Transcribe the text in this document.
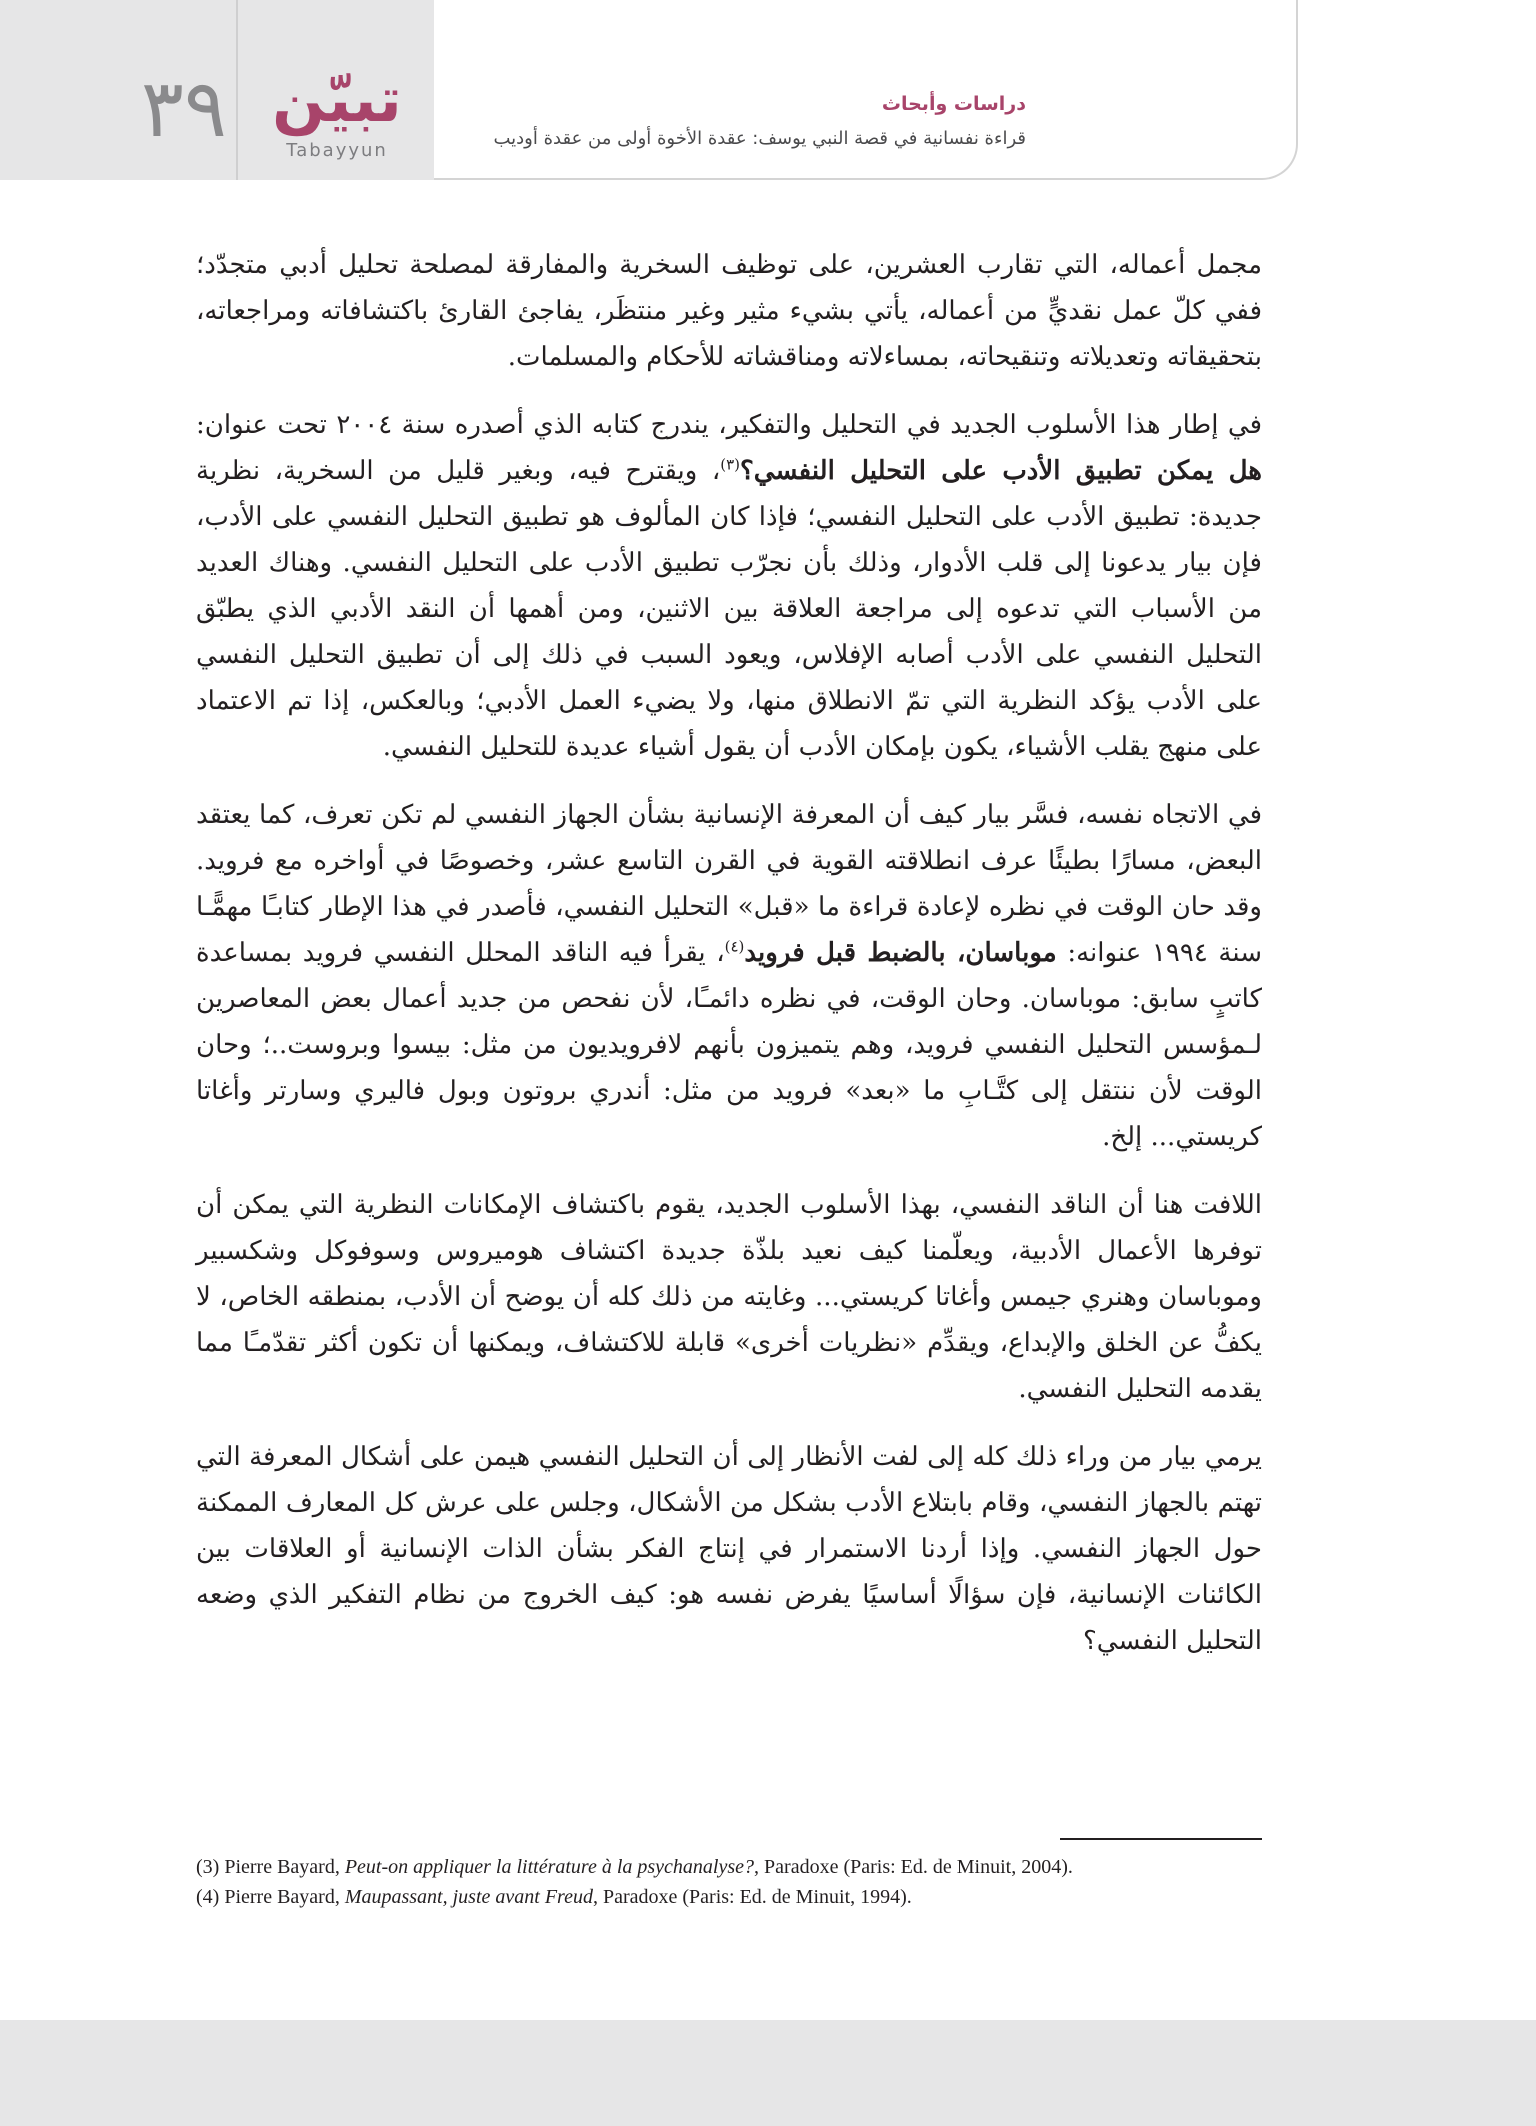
٣٩ تبيّن
Tabayyun
دراسات وأبحاث
قراءة نفسانية في قصة النبي يوسف: عقدة الأخوة أولى من عقدة أوديب

مجمل أعماله، التي تقارب العشرين، على توظيف السخرية والمفارقة لمصلحة تحليل أدبي متجدّد؛ ففي كلّ عمل نقديٍّ من أعماله، يأتي بشيء مثير وغير منتظَر، يفاجئ القارئ باكتشافاته ومراجعاته، بتحقيقاته وتعديلاته وتنقيحاته، بمساءلاته ومناقشاته للأحكام والمسلمات.

في إطار هذا الأسلوب الجديد في التحليل والتفكير، يندرج كتابه الذي أصدره سنة ٢٠٠٤ تحت عنوان: هل يمكن تطبيق الأدب على التحليل النفسي؟$^{(٣)}$، ويقترح فيه، وبغير قليل من السخرية، نظرية جديدة: تطبيق الأدب على التحليل النفسي؛ فإذا كان المألوف هو تطبيق التحليل النفسي على الأدب، فإن بيار يدعونا إلى قلب الأدوار، وذلك بأن نجرّب تطبيق الأدب على التحليل النفسي. وهناك العديد من الأسباب التي تدعوه إلى مراجعة العلاقة بين الاثنين، ومن أهمها أن النقد الأدبي الذي يطبّق التحليل النفسي على الأدب أصابه الإفلاس، ويعود السبب في ذلك إلى أن تطبيق التحليل النفسي على الأدب يؤكد النظرية التي تمّ الانطلاق منها، ولا يضيء العمل الأدبي؛ وبالعكس، إذا تم الاعتماد على منهج يقلب الأشياء، يكون بإمكان الأدب أن يقول أشياء عديدة للتحليل النفسي.

في الاتجاه نفسه، فسَّر بيار كيف أن المعرفة الإنسانية بشأن الجهاز النفسي لم تكن تعرف، كما يعتقد البعض، مسارًا بطيئًا عرف انطلاقته القوية في القرن التاسع عشر، وخصوصًا في أواخره مع فرويد. وقد حان الوقت في نظره لإعادة قراءة ما «قبل» التحليل النفسي، فأصدر في هذا الإطار كتابـًا مهمًّـا سنة ١٩٩٤ عنوانه: موباسان، بالضبط قبل فرويد$^{(٤)}$، يقرأ فيه الناقد المحلل النفسي فرويد بمساعدة كاتبٍ سابق: موباسان. وحان الوقت، في نظره دائمـًا، لأن نفحص من جديد أعمال بعض المعاصرين لـمؤسس التحليل النفسي فرويد، وهم يتميزون بأنهم لافرويديون من مثل: بيسوا وبروست..؛ وحان الوقت لأن ننتقل إلى كتَّـابِ ما «بعد» فرويد من مثل: أندري بروتون وبول فاليري وسارتر وأغاتا كريستي... إلخ.

اللافت هنا أن الناقد النفسي، بهذا الأسلوب الجديد، يقوم باكتشاف الإمكانات النظرية التي يمكن أن توفرها الأعمال الأدبية، ويعلّمنا كيف نعيد بلذّة جديدة اكتشاف هوميروس وسوفوكل وشكسبير وموباسان وهنري جيمس وأغاتا كريستي... وغايته من ذلك كله أن يوضح أن الأدب، بمنطقه الخاص، لا يكفُّ عن الخلق والإبداع، ويقدِّم «نظريات أخرى» قابلة للاكتشاف، ويمكنها أن تكون أكثر تقدّمـًا مما يقدمه التحليل النفسي.

يرمي بيار من وراء ذلك كله إلى لفت الأنظار إلى أن التحليل النفسي هيمن على أشكال المعرفة التي تهتم بالجهاز النفسي، وقام بابتلاع الأدب بشكل من الأشكال، وجلس على عرش كل المعارف الممكنة حول الجهاز النفسي. وإذا أردنا الاستمرار في إنتاج الفكر بشأن الذات الإنسانية أو العلاقات بين الكائنات الإنسانية، فإن سؤالًا أساسيًا يفرض نفسه هو: كيف الخروج من نظام التفكير الذي وضعه التحليل النفسي؟

(3) Pierre Bayard, Peut-on appliquer la littérature à la psychanalyse?, Paradoxe (Paris: Ed. de Minuit, 2004).
(4) Pierre Bayard, Maupassant, juste avant Freud, Paradoxe (Paris: Ed. de Minuit, 1994).
